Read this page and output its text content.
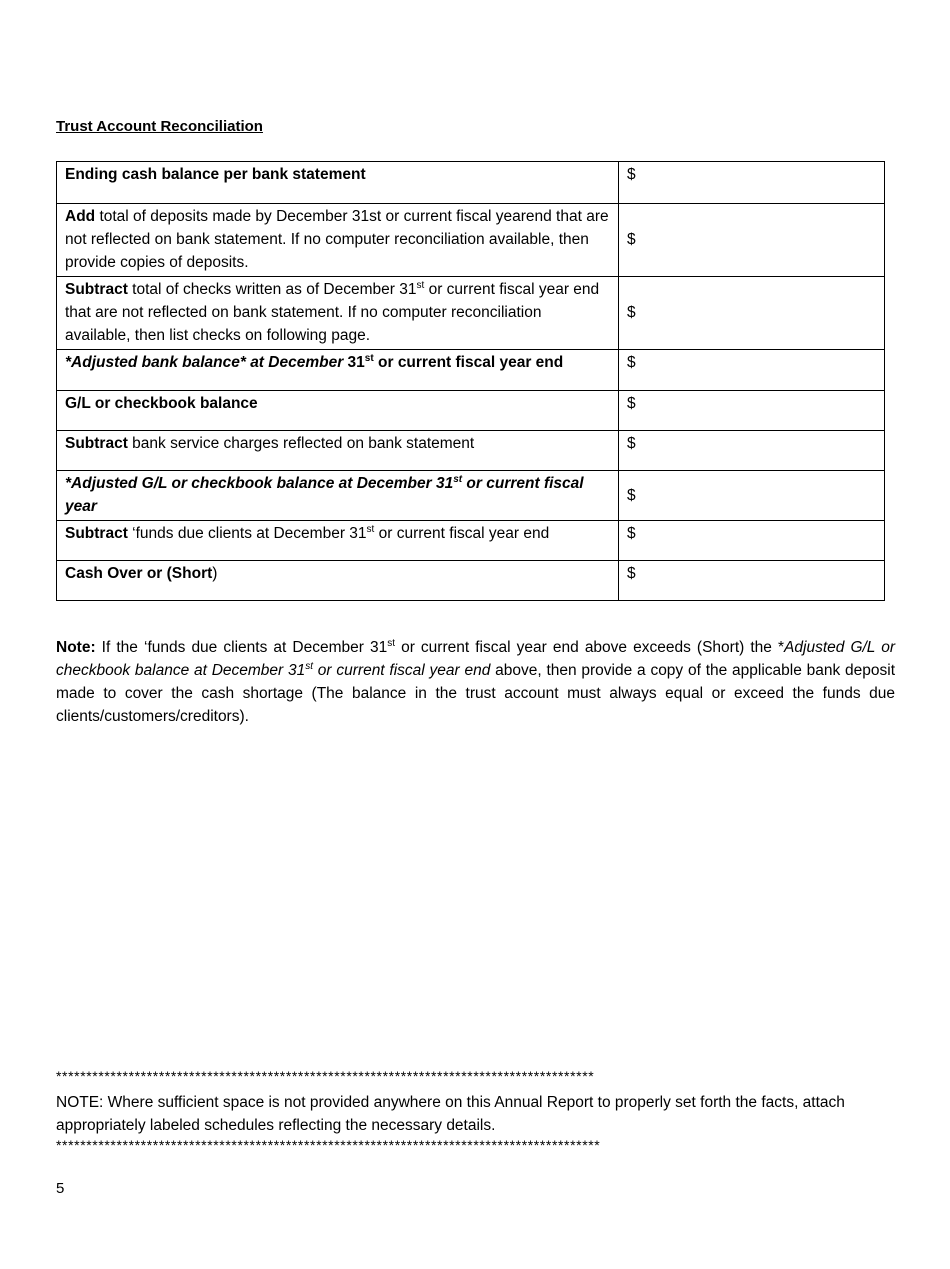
Trust Account Reconciliation
Ending cash balance per bank statement	$
Add total of deposits made by December 31st or current fiscal yearend that are not reflected on bank statement. If no computer reconciliation available, then provide copies of deposits.	$
Subtract total of checks written as of December 31st or current fiscal year end that are not reflected on bank statement. If no computer reconciliation available, then list checks on following page.	$
*Adjusted bank balance* at December 31st or current fiscal year end	$
G/L or checkbook balance	$
Subtract bank service charges reflected on bank statement	$
*Adjusted G/L or checkbook balance at December 31st or current fiscal year	$
Subtract ‘funds due clients at December 31st or current fiscal year end	$
Cash Over or (Short)	$

Note: If the ‘funds due clients at December 31st or current fiscal year end above exceeds (Short) the *Adjusted G/L or checkbook balance at December 31st or current fiscal year end above, then provide a copy of the applicable bank deposit made to cover the cash shortage (The balance in the trust account must always equal or exceed the funds due clients/customers/creditors).

*****************************************************************************************

NOTE: Where sufficient space is not provided anywhere on this Annual Report to properly set forth the facts, attach appropriately labeled schedules reflecting the necessary details.

******************************************************************************************
5
